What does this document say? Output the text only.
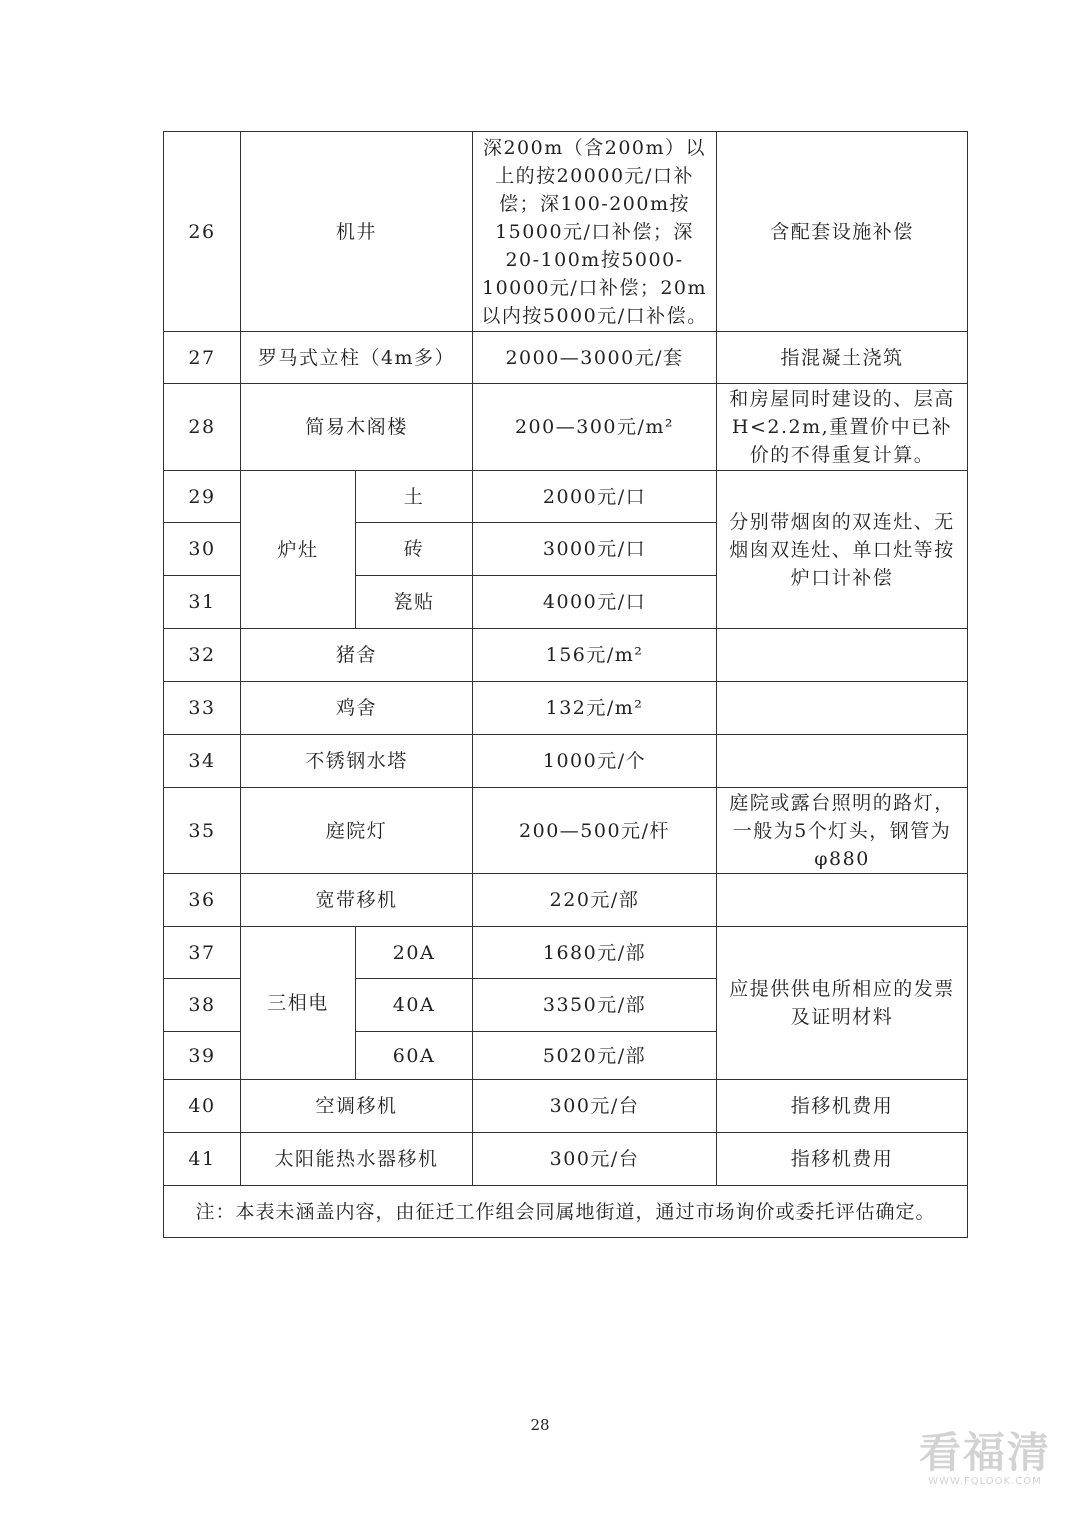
26	机井		深200m（含200m）以上的按20000元/口补偿；深100-200m按15000元/口补偿；深20-100m按5000-10000元/口补偿；20m以内按5000元/口补偿。	含配套设施补偿
27	罗马式立柱（4m多）		2000—3000元/套	指混凝土浇筑
28	简易木阁楼		200—300元/m²	和房屋同时建设的、层高H<2.2m,重置价中已补价的不得重复计算。
29	炉灶	土	2000元/口	分别带烟囱的双连灶、无烟囱双连灶、单口灶等按炉口计补偿
30		砖	3000元/口	
31		瓷贴	4000元/口	
32	猪舍		156元/m²	
33	鸡舍		132元/m²	
34	不锈钢水塔		1000元/个	
35	庭院灯		200—500元/杆	庭院或露台照明的路灯，一般为5个灯头，钢管为φ880
36	宽带移机		220元/部	
37	三相电	20A	1680元/部	应提供供电所相应的发票及证明材料
38		40A	3350元/部	
39		60A	5020元/部	
40	空调移机		300元/台	指移机费用
41	太阳能热水器移机		300元/台	指移机费用
注：本表未涵盖内容，由征迁工作组会同属地街道，通过市场询价或委托评估确定。				
28
看福清
WWW.FQLOOK.COM
